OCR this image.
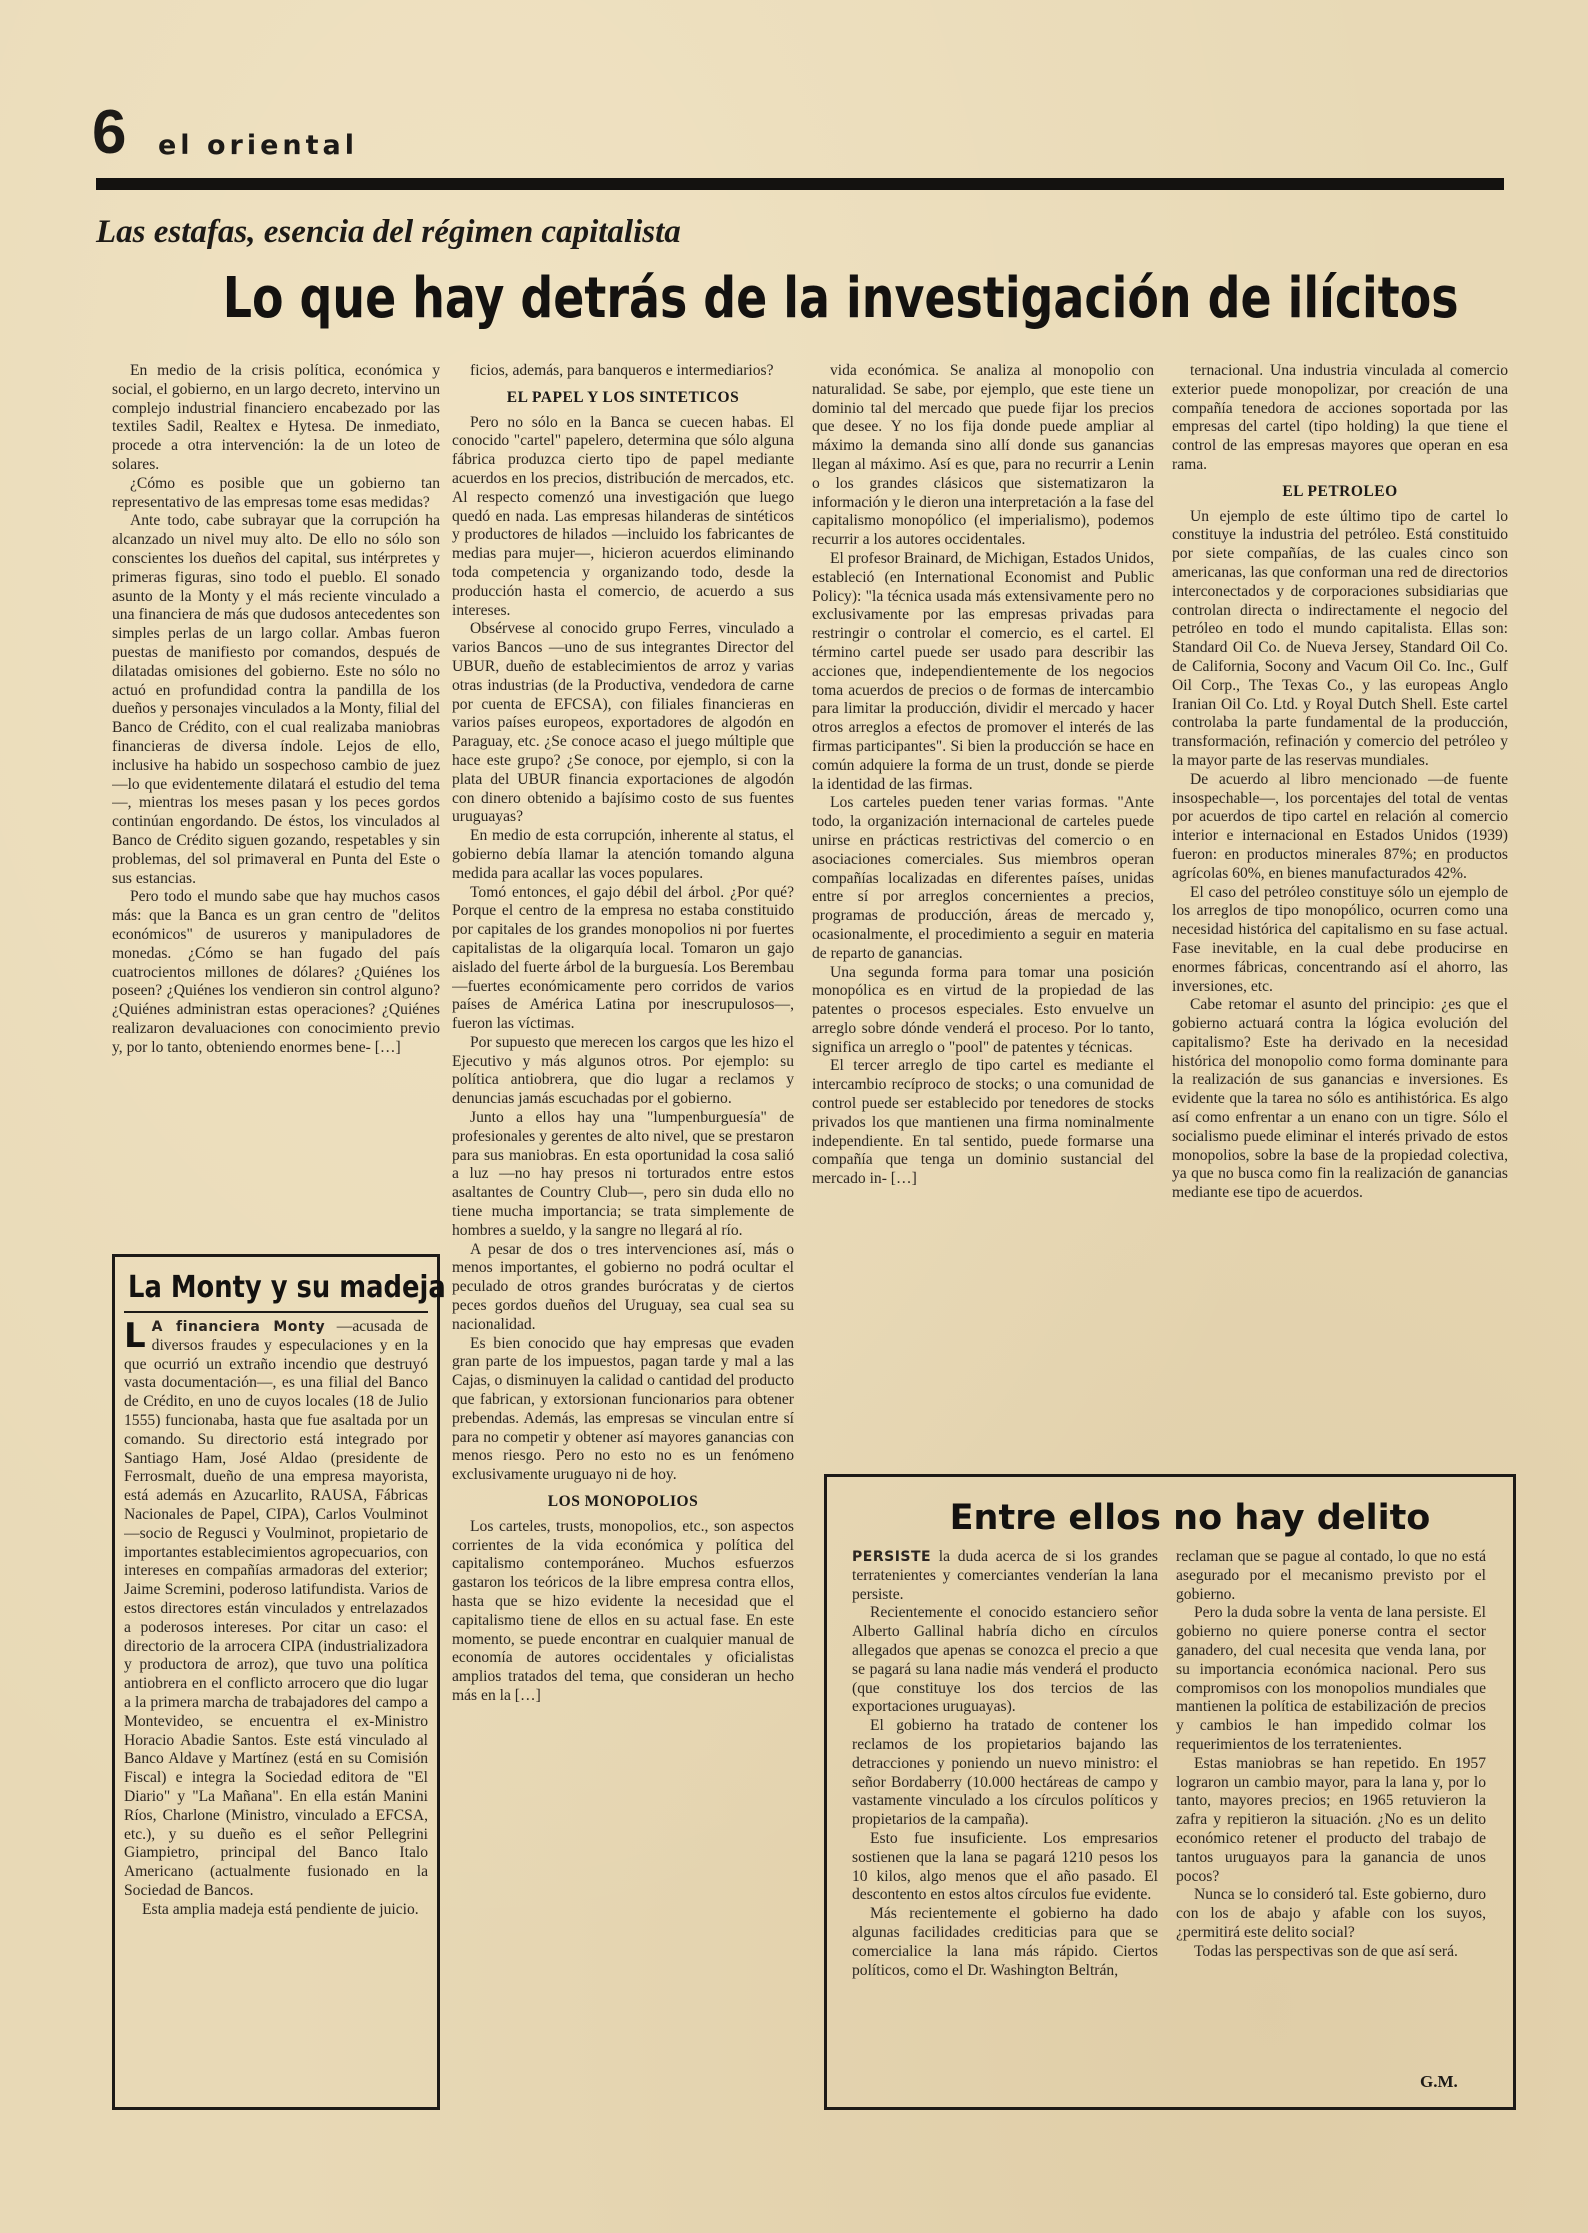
6 el oriental
Las estafas, esencia del régimen capitalista
Lo que hay detrás de la investigación de ilícitos

En medio de la crisis política, económica y social, el gobierno, en un largo decreto, intervino un complejo industrial financiero encabezado por las textiles Sadil, Realtex e Hytesa. De inmediato, procede a otra intervención: la de un loteo de solares.

¿Cómo es posible que un gobierno tan representativo de las empresas tome esas medidas?

Ante todo, cabe subrayar que la corrupción ha alcanzado un nivel muy alto. De ello no sólo son conscientes los dueños del capital, sus intérpretes y primeras figuras, sino todo el pueblo. El sonado asunto de la Monty y el más reciente vinculado a una financiera de más que dudosos antecedentes son simples perlas de un largo collar. Ambas fueron puestas de manifiesto por comandos, después de dilatadas omisiones del gobierno. Este no sólo no actuó en profundidad contra la pandilla de los dueños y personajes vinculados a la Monty, filial del Banco de Crédito, con el cual realizaba maniobras financieras de diversa índole. Lejos de ello, inclusive ha habido un sospechoso cambio de juez —lo que evidentemente dilatará el estudio del tema—, mientras los meses pasan y los peces gordos continúan engordando. De éstos, los vinculados al Banco de Crédito siguen gozando, respetables y sin problemas, del sol primaveral en Punta del Este o sus estancias.

Pero todo el mundo sabe que hay muchos casos más: que la Banca es un gran centro de "delitos económicos" de usureros y manipuladores de monedas. ¿Cómo se han fugado del país cuatrocientos millones de dólares? ¿Quiénes los poseen? ¿Quiénes los vendieron sin control alguno? ¿Quiénes administran estas operaciones? ¿Quiénes realizaron devaluaciones con conocimiento previo y, por lo tanto, obteniendo enormes bene- […]

ficios, además, para banqueros e intermediarios?

EL PAPEL Y LOS SINTETICOS

Pero no sólo en la Banca se cuecen habas. El conocido "cartel" papelero, determina que sólo alguna fábrica produzca cierto tipo de papel mediante acuerdos en los precios, distribución de mercados, etc. Al respecto comenzó una investigación que luego quedó en nada. Las empresas hilanderas de sintéticos y productores de hilados —incluido los fabricantes de medias para mujer—, hicieron acuerdos eliminando toda competencia y organizando todo, desde la producción hasta el comercio, de acuerdo a sus intereses.

Obsérvese al conocido grupo Ferres, vinculado a varios Bancos —uno de sus integrantes Director del UBUR, dueño de establecimientos de arroz y varias otras industrias (de la Productiva, vendedora de carne por cuenta de EFCSA), con filiales financieras en varios países europeos, exportadores de algodón en Paraguay, etc. ¿Se conoce acaso el juego múltiple que hace este grupo? ¿Se conoce, por ejemplo, si con la plata del UBUR financia exportaciones de algodón con dinero obtenido a bajísimo costo de sus fuentes uruguayas?

En medio de esta corrupción, inherente al status, el gobierno debía llamar la atención tomando alguna medida para acallar las voces populares.

Tomó entonces, el gajo débil del árbol. ¿Por qué? Porque el centro de la empresa no estaba constituido por capitales de los grandes monopolios ni por fuertes capitalistas de la oligarquía local. Tomaron un gajo aislado del fuerte árbol de la burguesía. Los Berembau —fuertes económicamente pero corridos de varios países de América Latina por inescrupulosos—, fueron las víctimas.

Por supuesto que merecen los cargos que les hizo el Ejecutivo y más algunos otros. Por ejemplo: su política antiobrera, que dio lugar a reclamos y denuncias jamás escuchadas por el gobierno.

Junto a ellos hay una "lumpenburguesía" de profesionales y gerentes de alto nivel, que se prestaron para sus maniobras. En esta oportunidad la cosa salió a luz —no hay presos ni torturados entre estos asaltantes de Country Club—, pero sin duda ello no tiene mucha importancia; se trata simplemente de hombres a sueldo, y la sangre no llegará al río.

A pesar de dos o tres intervenciones así, más o menos importantes, el gobierno no podrá ocultar el peculado de otros grandes burócratas y de ciertos peces gordos dueños del Uruguay, sea cual sea su nacionalidad.

Es bien conocido que hay empresas que evaden gran parte de los impuestos, pagan tarde y mal a las Cajas, o disminuyen la calidad o cantidad del producto que fabrican, y extorsionan funcionarios para obtener prebendas. Además, las empresas se vinculan entre sí para no competir y obtener así mayores ganancias con menos riesgo. Pero no esto no es un fenómeno exclusivamente uruguayo ni de hoy.

LOS MONOPOLIOS

Los carteles, trusts, monopolios, etc., son aspectos corrientes de la vida económica y política del capitalismo contemporáneo. Muchos esfuerzos gastaron los teóricos de la libre empresa contra ellos, hasta que se hizo evidente la necesidad que el capitalismo tiene de ellos en su actual fase. En este momento, se puede encontrar en cualquier manual de economía de autores occidentales y oficialistas amplios tratados del tema, que consideran un hecho más en la […]

vida económica. Se analiza al monopolio con naturalidad. Se sabe, por ejemplo, que este tiene un dominio tal del mercado que puede fijar los precios que desee. Y no los fija donde puede ampliar al máximo la demanda sino allí donde sus ganancias llegan al máximo. Así es que, para no recurrir a Lenin o los grandes clásicos que sistematizaron la información y le dieron una interpretación a la fase del capitalismo monopólico (el imperialismo), podemos recurrir a los autores occidentales.

El profesor Brainard, de Michigan, Estados Unidos, estableció (en International Economist and Public Policy): "la técnica usada más extensivamente pero no exclusivamente por las empresas privadas para restringir o controlar el comercio, es el cartel. El término cartel puede ser usado para describir las acciones que, independientemente de los negocios toma acuerdos de precios o de formas de intercambio para limitar la producción, dividir el mercado y hacer otros arreglos a efectos de promover el interés de las firmas participantes". Si bien la producción se hace en común adquiere la forma de un trust, donde se pierde la identidad de las firmas.

Los carteles pueden tener varias formas. "Ante todo, la organización internacional de carteles puede unirse en prácticas restrictivas del comercio o en asociaciones comerciales. Sus miembros operan compañías localizadas en diferentes países, unidas entre sí por arreglos concernientes a precios, programas de producción, áreas de mercado y, ocasionalmente, el procedimiento a seguir en materia de reparto de ganancias.

Una segunda forma para tomar una posición monopólica es en virtud de la propiedad de las patentes o procesos especiales. Esto envuelve un arreglo sobre dónde venderá el proceso. Por lo tanto, significa un arreglo o "pool" de patentes y técnicas.

El tercer arreglo de tipo cartel es mediante el intercambio recíproco de stocks; o una comunidad de control puede ser establecido por tenedores de stocks privados los que mantienen una firma nominalmente independiente. En tal sentido, puede formarse una compañía que tenga un dominio sustancial del mercado in- […]

ternacional. Una industria vinculada al comercio exterior puede monopolizar, por creación de una compañía tenedora de acciones soportada por las empresas del cartel (tipo holding) la que tiene el control de las empresas mayores que operan en esa rama.

EL PETROLEO

Un ejemplo de este último tipo de cartel lo constituye la industria del petróleo. Está constituido por siete compañías, de las cuales cinco son americanas, las que conforman una red de directorios interconectados y de corporaciones subsidiarias que controlan directa o indirectamente el negocio del petróleo en todo el mundo capitalista. Ellas son: Standard Oil Co. de Nueva Jersey, Standard Oil Co. de California, Socony and Vacum Oil Co. Inc., Gulf Oil Corp., The Texas Co., y las europeas Anglo Iranian Oil Co. Ltd. y Royal Dutch Shell. Este cartel controlaba la parte fundamental de la producción, transformación, refinación y comercio del petróleo y la mayor parte de las reservas mundiales.

De acuerdo al libro mencionado —de fuente insospechable—, los porcentajes del total de ventas por acuerdos de tipo cartel en relación al comercio interior e internacional en Estados Unidos (1939) fueron: en productos minerales 87%; en productos agrícolas 60%, en bienes manufacturados 42%.

El caso del petróleo constituye sólo un ejemplo de los arreglos de tipo monopólico, ocurren como una necesidad histórica del capitalismo en su fase actual. Fase inevitable, en la cual debe producirse en enormes fábricas, concentrando así el ahorro, las inversiones, etc.

Cabe retomar el asunto del principio: ¿es que el gobierno actuará contra la lógica evolución del capitalismo? Este ha derivado en la necesidad histórica del monopolio como forma dominante para la realización de sus ganancias e inversiones. Es evidente que la tarea no sólo es antihistórica. Es algo así como enfrentar a un enano con un tigre. Sólo el socialismo puede eliminar el interés privado de estos monopolios, sobre la base de la propiedad colectiva, ya que no busca como fin la realización de ganancias mediante ese tipo de acuerdos.

La Monty y su madeja

L A financiera Monty —acusada de diversos fraudes y especulaciones y en la que ocurrió un extraño incendio que destruyó vasta documentación—, es una filial del Banco de Crédito, en uno de cuyos locales (18 de Julio 1555) funcionaba, hasta que fue asaltada por un comando. Su directorio está integrado por Santiago Ham, José Aldao (presidente de Ferrosmalt, dueño de una empresa mayorista, está además en Azucarlito, RAUSA, Fábricas Nacionales de Papel, CIPA), Carlos Voulminot —socio de Regusci y Voulminot, propietario de importantes establecimientos agropecuarios, con intereses en compañías armadoras del exterior; Jaime Scremini, poderoso latifundista. Varios de estos directores están vinculados y entrelazados a poderosos intereses. Por citar un caso: el directorio de la arrocera CIPA (industrializadora y productora de arroz), que tuvo una política antiobrera en el conflicto arrocero que dio lugar a la primera marcha de trabajadores del campo a Montevideo, se encuentra el ex-Ministro Horacio Abadie Santos. Este está vinculado al Banco Aldave y Martínez (está en su Comisión Fiscal) e integra la Sociedad editora de "El Diario" y "La Mañana". En ella están Manini Ríos, Charlone (Ministro, vinculado a EFCSA, etc.), y su dueño es el señor Pellegrini Giampietro, principal del Banco Italo Americano (actualmente fusionado en la Sociedad de Bancos.

Esta amplia madeja está pendiente de juicio.

Entre ellos no hay delito

PERSISTE la duda acerca de si los grandes terratenientes y comerciantes venderían la lana persiste.

Recientemente el conocido estanciero señor Alberto Gallinal habría dicho en círculos allegados que apenas se conozca el precio a que se pagará su lana nadie más venderá el producto (que constituye los dos tercios de las exportaciones uruguayas).

El gobierno ha tratado de contener los reclamos de los propietarios bajando las detracciones y poniendo un nuevo ministro: el señor Bordaberry (10.000 hectáreas de campo y vastamente vinculado a los círculos políticos y propietarios de la campaña).

Esto fue insuficiente. Los empresarios sostienen que la lana se pagará 1210 pesos los 10 kilos, algo menos que el año pasado. El descontento en estos altos círculos fue evidente.

Más recientemente el gobierno ha dado algunas facilidades crediticias para que se comercialice la lana más rápido. Ciertos políticos, como el Dr. Washington Beltrán,

reclaman que se pague al contado, lo que no está asegurado por el mecanismo previsto por el gobierno.

Pero la duda sobre la venta de lana persiste. El gobierno no quiere ponerse contra el sector ganadero, del cual necesita que venda lana, por su importancia económica nacional. Pero sus compromisos con los monopolios mundiales que mantienen la política de estabilización de precios y cambios le han impedido colmar los requerimientos de los terratenientes.

Estas maniobras se han repetido. En 1957 lograron un cambio mayor, para la lana y, por lo tanto, mayores precios; en 1965 retuvieron la zafra y repitieron la situación. ¿No es un delito económico retener el producto del trabajo de tantos uruguayos para la ganancia de unos pocos?

Nunca se lo consideró tal. Este gobierno, duro con los de abajo y afable con los suyos, ¿permitirá este delito social?

Todas las perspectivas son de que así será.

G.M.
